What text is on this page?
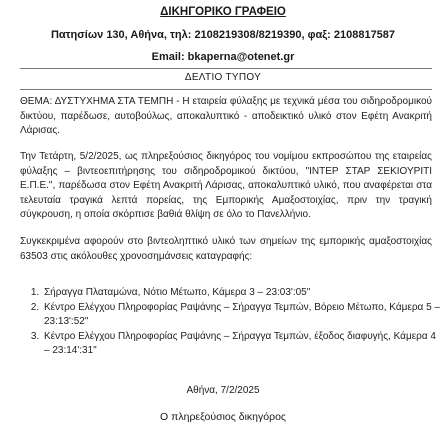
ΔΙΚΗΓΟΡΙΚΟ ΓΡΑΦΕΙΟ
Πατησίων 130, Αθήνα, τηλ: 2108219308/8219390, φαξ: 2108817587
Email: bkaperna@otenet.gr
ΔΕΛΤΙΟ ΤΥΠΟΥ

ΘΕΜΑ: ΔΥΣΤΥΧΗΜΑ ΣΤΑ ΤΕΜΠΗ - Η εταιρεία φύλαξης με τεχνικά μέσα του σιδηροδρομικού δικτύου, παρέδωσε, αυτοβούλως, αποκαλυπτικό - αποδεικτικό υλικό στον Εφέτη Ανακριτή Λάρισας.

Την Τετάρτη, 5/2/2025, ως πληρεξούσιος δικηγόρος του νομίμου εκπροσώπου της εταιρείας φύλαξης – βιντεοεπιτήρησης του σιδηροδρομικού δικτύου, "ΙΝΤΕΡ ΣΤΑΡ ΣΕΚΙΟΥΡΙΤΙ Ε.Π.Ε.", παρέδωσα στον Εφέτη Ανακριτή Λάρισας, αποκαλυπτικό υλικό, που αναφέρεται στα τελευταία τραγικά λεπτά πορείας, της Εμπορικής Αμαξοστοιχίας, πριν την τραγική σύγκρουση, η οποία σκόρπισε βαθιά θλίψη σε όλο το Πανελλήνιο.

Συγκεκριμένα αφορούν στο βιντεοληπτικό υλικό των σημείων της εμπορικής αμαξοστοιχίας 63503 στις ακόλουθες χρονοσημάνσεις καταγραφής:

1. Σήραγγα Πλαταμώνα, Νότιο Μέτωπο, Κάμερα 3 – 23:03':05"
2. Κέντρο Ελέγχου Πληροφορίας Ραψάνης – Σήραγγα Τεμπών, Βόρειο Μέτωπο, Κάμερα 5 – 23:13':52"
3. Κέντρο Ελέγχου Πληροφορίας Ραψάνης – Σήραγγα Τεμπών, έξοδος διαφυγής, Κάμερα 4 – 23:14':31"
Αθήνα, 7/2/2025
Ο πληρεξούσιος δικηγόρος
